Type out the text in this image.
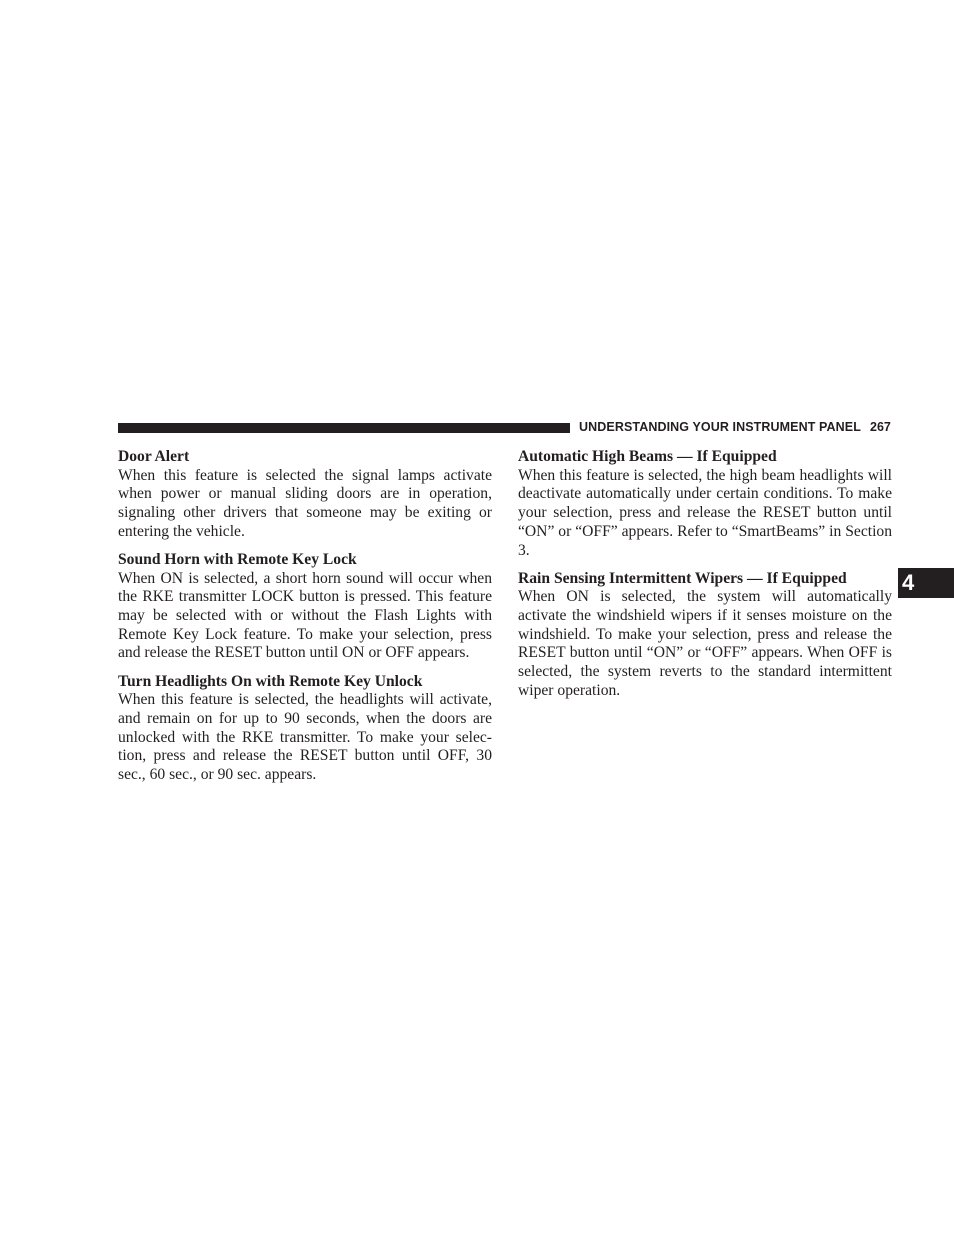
UNDERSTANDING YOUR INSTRUMENT PANEL 267
4
Door Alert
When this feature is selected the signal lamps activate when power or manual sliding doors are in operation, signaling other drivers that someone may be exiting or entering the vehicle.
Sound Horn with Remote Key Lock
When ON is selected, a short horn sound will occur when the RKE transmitter LOCK button is pressed. This feature may be selected with or without the Flash Lights with Remote Key Lock feature. To make your selection, press and release the RESET button until ON or OFF appears.
Turn Headlights On with Remote Key Unlock
When this feature is selected, the headlights will activate, and remain on for up to 90 seconds, when the doors are unlocked with the RKE transmitter. To make your selection, press and release the RESET button until OFF, 30 sec., 60 sec., or 90 sec. appears.
Automatic High Beams — If Equipped
When this feature is selected, the high beam headlights will deactivate automatically under certain conditions. To make your selection, press and release the RESET button until “ON” or “OFF” appears. Refer to “SmartBeams” in Section 3.
Rain Sensing Intermittent Wipers — If Equipped
When ON is selected, the system will automatically activate the windshield wipers if it senses moisture on the windshield. To make your selection, press and release the RESET button until “ON” or “OFF” appears. When OFF is selected, the system reverts to the standard intermittent wiper operation.
